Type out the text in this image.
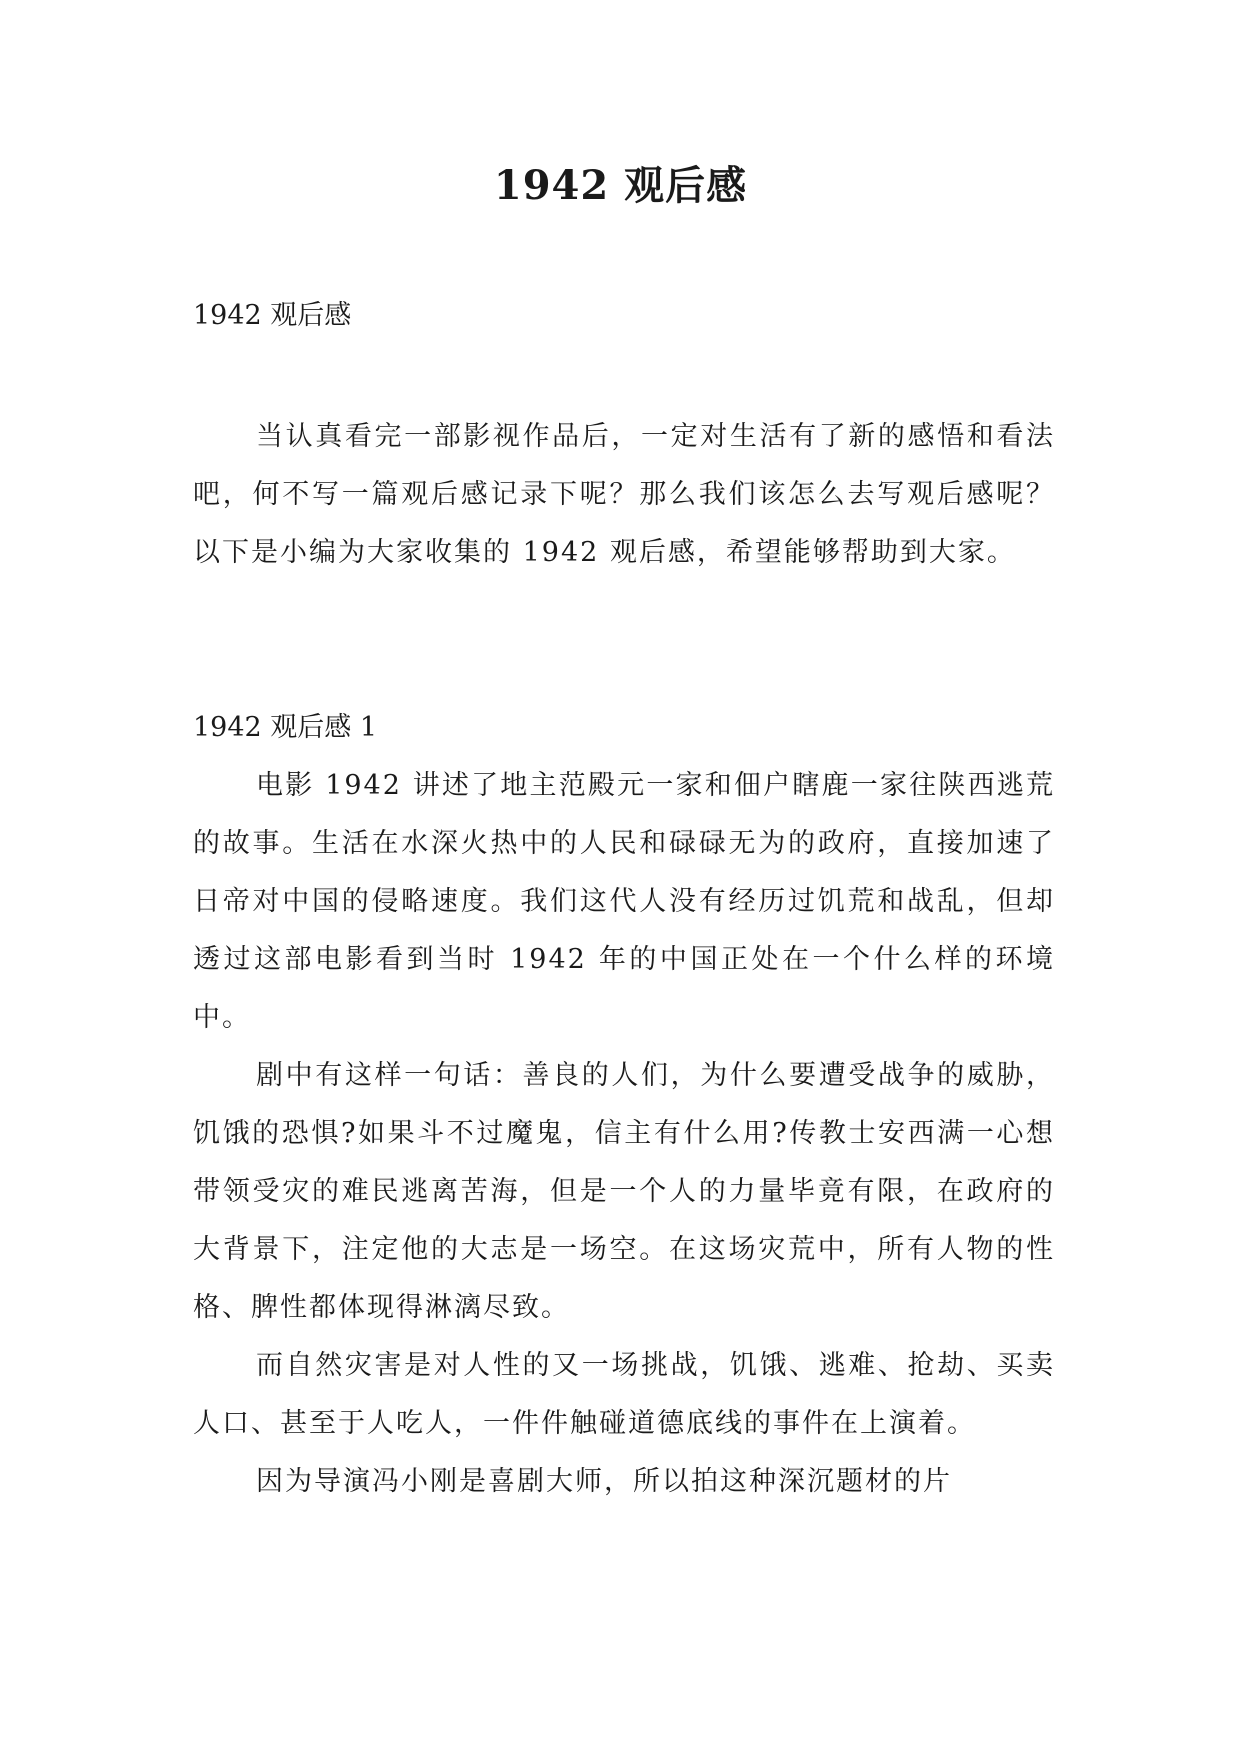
1942 观后感

1942 观后感

当认真看完一部影视作品后，一定对生活有了新的感悟和看法吧，何不写一篇观后感记录下呢？那么我们该怎么去写观后感呢？以下是小编为大家收集的 1942 观后感，希望能够帮助到大家。

1942 观后感 1

电影 1942 讲述了地主范殿元一家和佃户瞎鹿一家往陕西逃荒的故事。生活在水深火热中的人民和碌碌无为的政府，直接加速了日帝对中国的侵略速度。我们这代人没有经历过饥荒和战乱，但却透过这部电影看到当时 1942 年的中国正处在一个什么样的环境中。

剧中有这样一句话：善良的人们，为什么要遭受战争的威胁，饥饿的恐惧?如果斗不过魔鬼，信主有什么用?传教士安西满一心想带领受灾的难民逃离苦海，但是一个人的力量毕竟有限，在政府的大背景下，注定他的大志是一场空。在这场灾荒中，所有人物的性格、脾性都体现得淋漓尽致。

而自然灾害是对人性的又一场挑战，饥饿、逃难、抢劫、买卖人口、甚至于人吃人，一件件触碰道德底线的事件在上演着。

因为导演冯小刚是喜剧大师，所以拍这种深沉题材的片
